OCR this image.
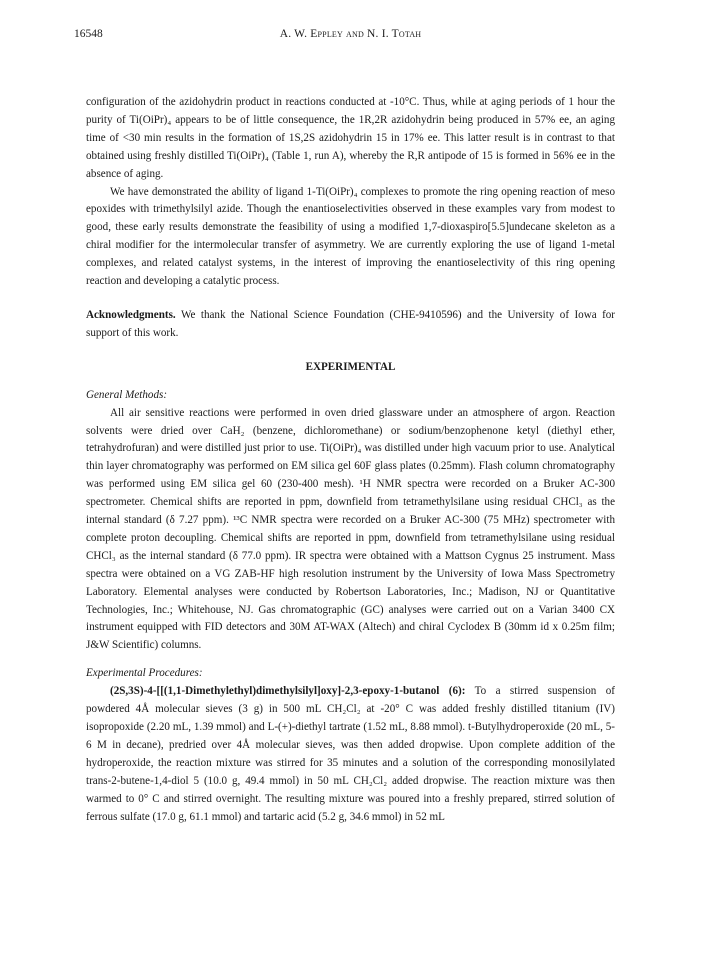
16548	A. W. Eppley and N. I. Totah

configuration of the azidohydrin product in reactions conducted at -10°C. Thus, while at aging periods of 1 hour the purity of Ti(OiPr)₄ appears to be of little consequence, the 1R,2R azidohydrin being produced in 57% ee, an aging time of <30 min results in the formation of 1S,2S azidohydrin 15 in 17% ee. This latter result is in contrast to that obtained using freshly distilled Ti(OiPr)₄ (Table 1, run A), whereby the R,R antipode of 15 is formed in 56% ee in the absence of aging.

We have demonstrated the ability of ligand 1-Ti(OiPr)₄ complexes to promote the ring opening reaction of meso epoxides with trimethylsilyl azide. Though the enantioselectivities observed in these examples vary from modest to good, these early results demonstrate the feasibility of using a modified 1,7-dioxaspiro[5.5]undecane skeleton as a chiral modifier for the intermolecular transfer of asymmetry. We are currently exploring the use of ligand 1-metal complexes, and related catalyst systems, in the interest of improving the enantioselectivity of this ring opening reaction and developing a catalytic process.

Acknowledgments. We thank the National Science Foundation (CHE-9410596) and the University of Iowa for support of this work.

EXPERIMENTAL

General Methods:

All air sensitive reactions were performed in oven dried glassware under an atmosphere of argon. Reaction solvents were dried over CaH₂ (benzene, dichloromethane) or sodium/benzophenone ketyl (diethyl ether, tetrahydrofuran) and were distilled just prior to use. Ti(OiPr)₄ was distilled under high vacuum prior to use. Analytical thin layer chromatography was performed on EM silica gel 60F glass plates (0.25mm). Flash column chromatography was performed using EM silica gel 60 (230-400 mesh). ¹H NMR spectra were recorded on a Bruker AC-300 spectrometer. Chemical shifts are reported in ppm, downfield from tetramethylsilane using residual CHCl₃ as the internal standard (δ 7.27 ppm). ¹³C NMR spectra were recorded on a Bruker AC-300 (75 MHz) spectrometer with complete proton decoupling. Chemical shifts are reported in ppm, downfield from tetramethylsilane using residual CHCl₃ as the internal standard (δ 77.0 ppm). IR spectra were obtained with a Mattson Cygnus 25 instrument. Mass spectra were obtained on a VG ZAB-HF high resolution instrument by the University of Iowa Mass Spectrometry Laboratory. Elemental analyses were conducted by Robertson Laboratories, Inc.; Madison, NJ or Quantitative Technologies, Inc.; Whitehouse, NJ. Gas chromatographic (GC) analyses were carried out on a Varian 3400 CX instrument equipped with FID detectors and 30M AT-WAX (Altech) and chiral Cyclodex B (30mm id x 0.25m film; J&W Scientific) columns.

Experimental Procedures:

(2S,3S)-4-[[(1,1-Dimethylethyl)dimethylsilyl]oxy]-2,3-epoxy-1-butanol (6): To a stirred suspension of powdered 4Å molecular sieves (3 g) in 500 mL CH₂Cl₂ at -20° C was added freshly distilled titanium (IV) isopropoxide (2.20 mL, 1.39 mmol) and L-(+)-diethyl tartrate (1.52 mL, 8.88 mmol). t-Butylhydroperoxide (20 mL, 5-6 M in decane), predried over 4Å molecular sieves, was then added dropwise. Upon complete addition of the hydroperoxide, the reaction mixture was stirred for 35 minutes and a solution of the corresponding monosilylated trans-2-butene-1,4-diol 5 (10.0 g, 49.4 mmol) in 50 mL CH₂Cl₂ added dropwise. The reaction mixture was then warmed to 0° C and stirred overnight. The resulting mixture was poured into a freshly prepared, stirred solution of ferrous sulfate (17.0 g, 61.1 mmol) and tartaric acid (5.2 g, 34.6 mmol) in 52 mL
